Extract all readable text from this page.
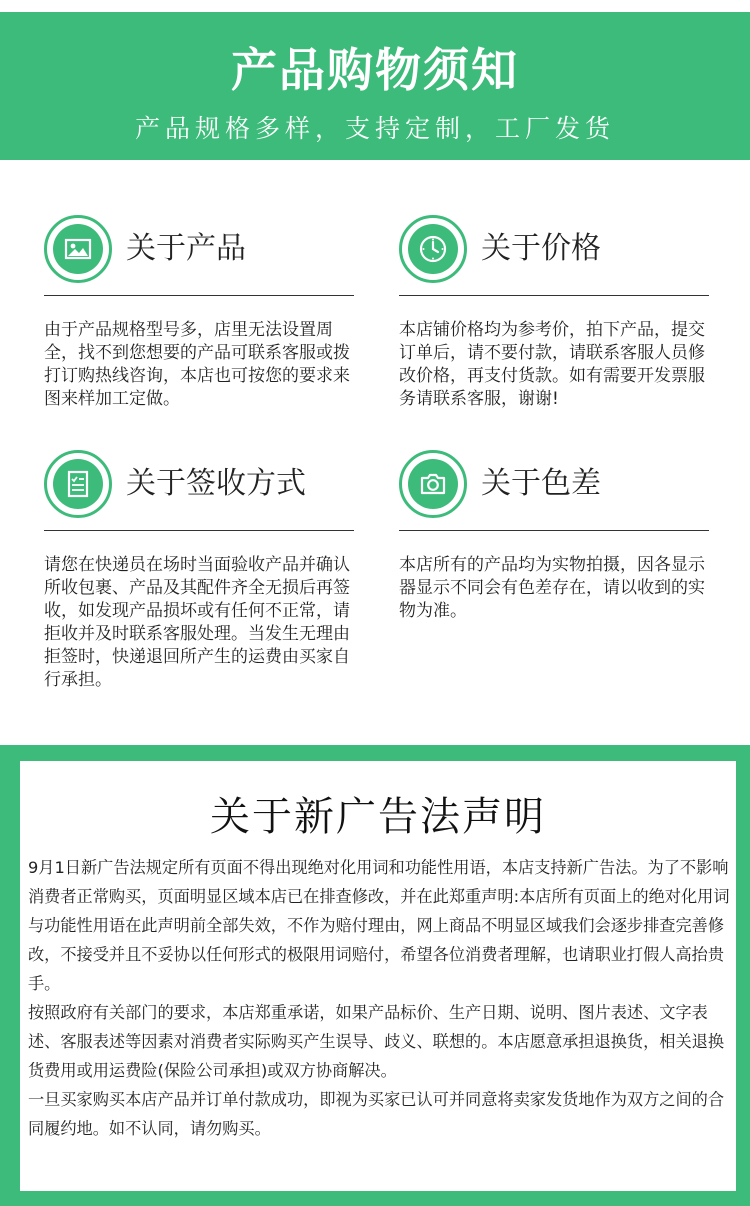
产品购物须知
产品规格多样，支持定制，工厂发货
关于产品
由于产品规格型号多，店里无法设置周全，找不到您想要的产品可联系客服或拨打订购热线咨询，本店也可按您的要求来图来样加工定做。
关于价格
本店铺价格均为参考价，拍下产品，提交订单后，请不要付款，请联系客服人员修改价格，再支付货款。如有需要开发票服务请联系客服，谢谢!
关于签收方式
请您在快递员在场时当面验收产品并确认所收包裹、产品及其配件齐全无损后再签收，如发现产品损坏或有任何不正常，请拒收并及时联系客服处理。当发生无理由拒签时，快递退回所产生的运费由买家自行承担。
关于色差
本店所有的产品均为实物拍摄，因各显示器显示不同会有色差存在，请以收到的实物为准。
关于新广告法声明

9月1日新广告法规定所有页面不得出现绝对化用词和功能性用语，本店支持新广告法。为了不影响消费者正常购买，页面明显区域本店已在排查修改，并在此郑重声明:本店所有页面上的绝对化用词与功能性用语在此声明前全部失效，不作为赔付理由，网上商品不明显区域我们会逐步排查完善修改，不接受并且不妥协以任何形式的极限用词赔付，希望各位消费者理解，也请职业打假人高抬贵手。

按照政府有关部门的要求，本店郑重承诺，如果产品标价、生产日期、说明、图片表述、文字表述、客服表述等因素对消费者实际购买产生误导、歧义、联想的。本店愿意承担退换货，相关退换货费用或用运费险(保险公司承担)或双方协商解决。

一旦买家购买本店产品并订单付款成功，即视为买家已认可并同意将卖家发货地作为双方之间的合同履约地。如不认同，请勿购买。
